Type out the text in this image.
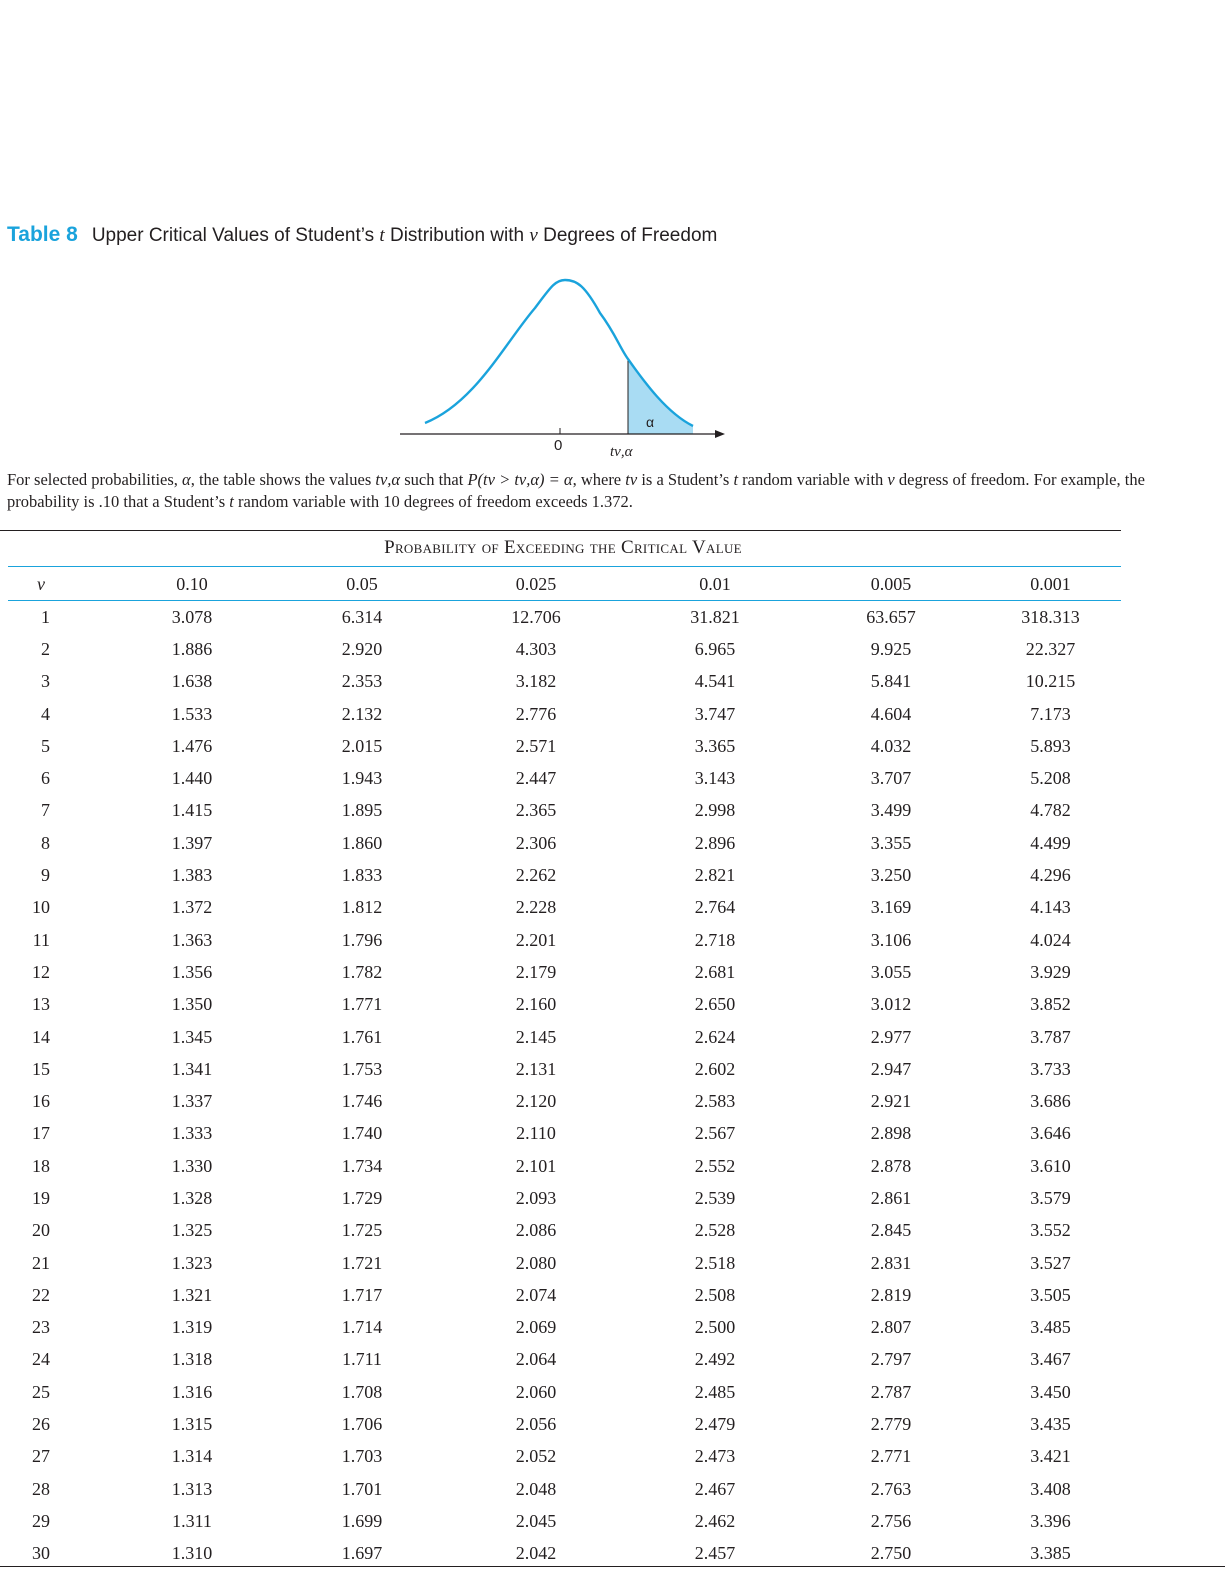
Table 8 Upper Critical Values of Student’s t Distribution with ν Degrees of Freedom
0
α
tν,α
For selected probabilities, α, the table shows the values tν,α such that P(tν > tν,α) = α, where tν is a Student’s t random variable with ν degress of freedom. For example, the probability is .10 that a Student’s t random variable with 10 degrees of freedom exceeds 1.372.
Probability of Exceeding the Critical Value
ν	0.10	0.05	0.025	0.01	0.005	0.001
1	3.078	6.314	12.706	31.821	63.657	318.313
2	1.886	2.920	4.303	6.965	9.925	22.327
3	1.638	2.353	3.182	4.541	5.841	10.215
4	1.533	2.132	2.776	3.747	4.604	7.173
5	1.476	2.015	2.571	3.365	4.032	5.893
6	1.440	1.943	2.447	3.143	3.707	5.208
7	1.415	1.895	2.365	2.998	3.499	4.782
8	1.397	1.860	2.306	2.896	3.355	4.499
9	1.383	1.833	2.262	2.821	3.250	4.296
10	1.372	1.812	2.228	2.764	3.169	4.143
11	1.363	1.796	2.201	2.718	3.106	4.024
12	1.356	1.782	2.179	2.681	3.055	3.929
13	1.350	1.771	2.160	2.650	3.012	3.852
14	1.345	1.761	2.145	2.624	2.977	3.787
15	1.341	1.753	2.131	2.602	2.947	3.733
16	1.337	1.746	2.120	2.583	2.921	3.686
17	1.333	1.740	2.110	2.567	2.898	3.646
18	1.330	1.734	2.101	2.552	2.878	3.610
19	1.328	1.729	2.093	2.539	2.861	3.579
20	1.325	1.725	2.086	2.528	2.845	3.552
21	1.323	1.721	2.080	2.518	2.831	3.527
22	1.321	1.717	2.074	2.508	2.819	3.505
23	1.319	1.714	2.069	2.500	2.807	3.485
24	1.318	1.711	2.064	2.492	2.797	3.467
25	1.316	1.708	2.060	2.485	2.787	3.450
26	1.315	1.706	2.056	2.479	2.779	3.435
27	1.314	1.703	2.052	2.473	2.771	3.421
28	1.313	1.701	2.048	2.467	2.763	3.408
29	1.311	1.699	2.045	2.462	2.756	3.396
30	1.310	1.697	2.042	2.457	2.750	3.385
